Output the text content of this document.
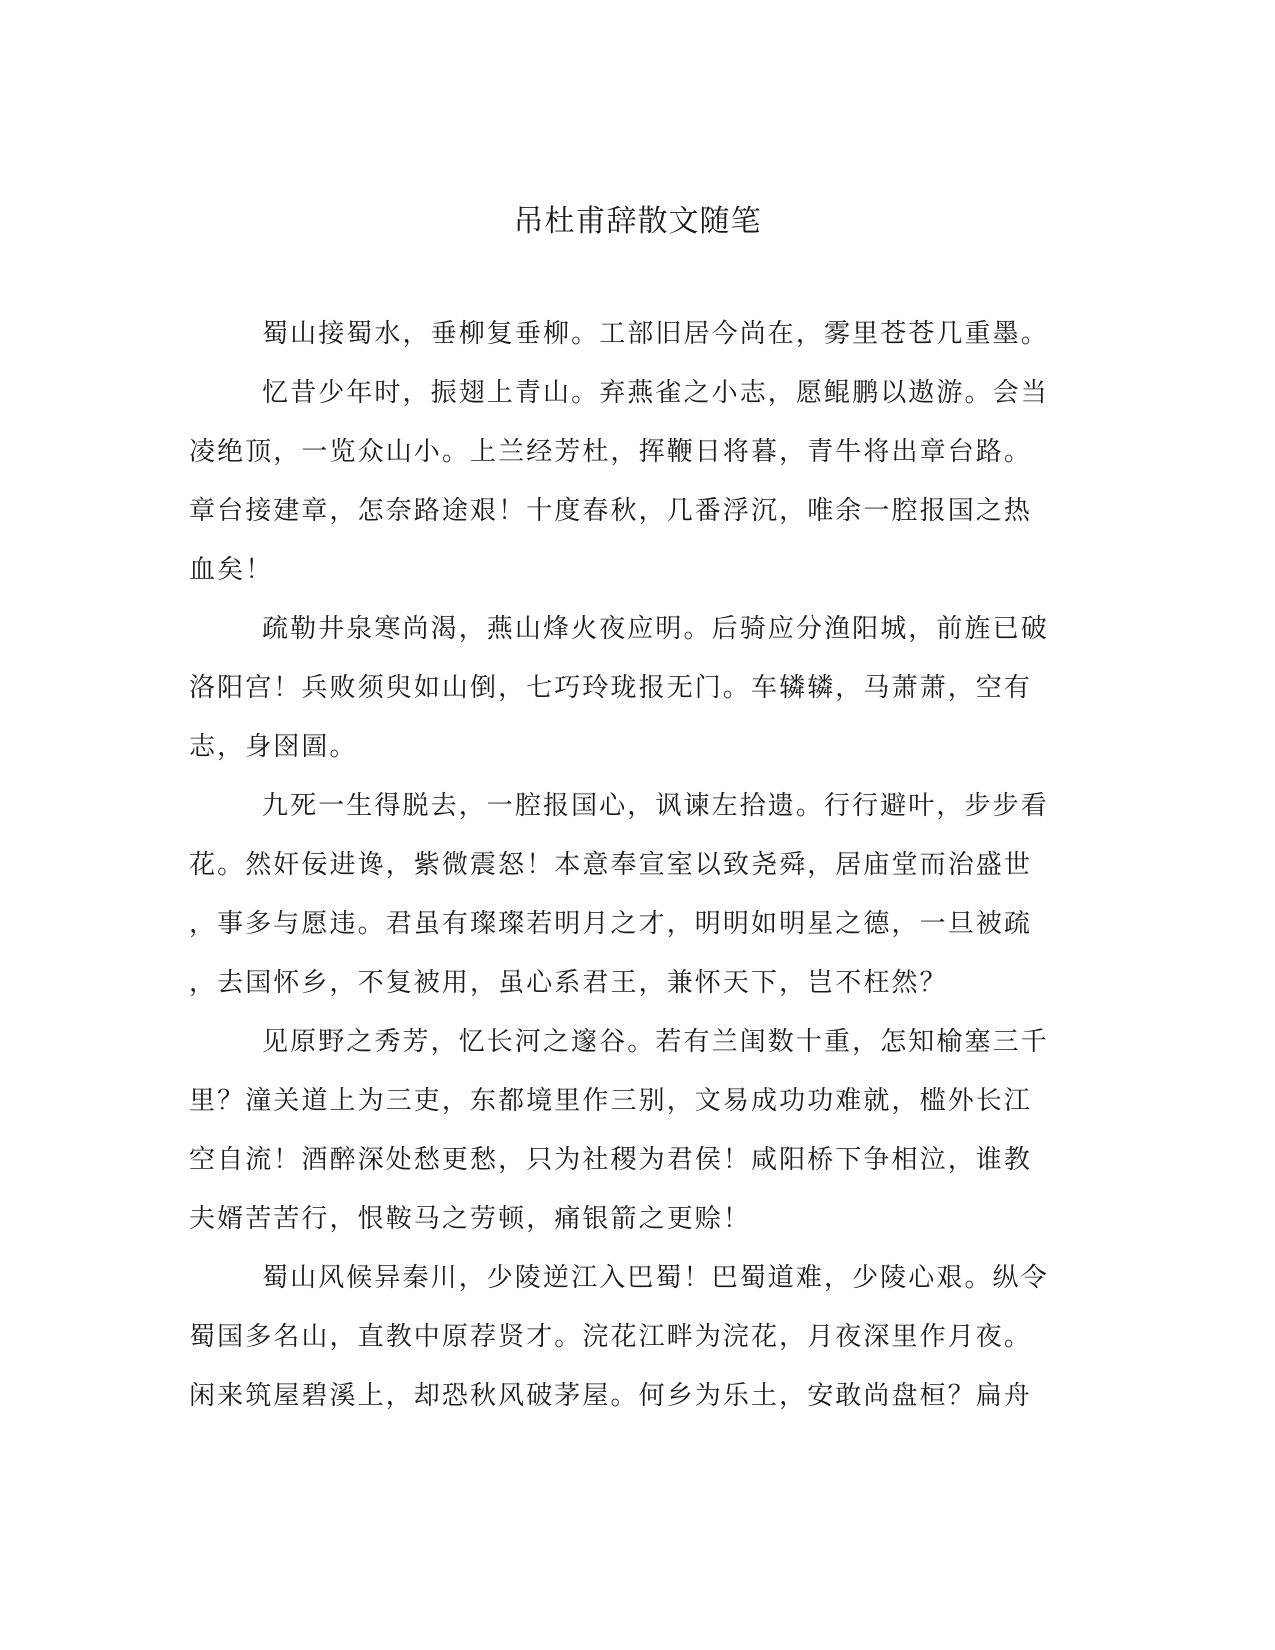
吊杜甫辞散文随笔

蜀山接蜀水，垂柳复垂柳。工部旧居今尚在，雾里苍苍几重墨。

忆昔少年时，振翅上青山。弃燕雀之小志，愿鲲鹏以遨游。会当

凌绝顶，一览众山小。上兰经芳杜，挥鞭日将暮，青牛将出章台路。

章台接建章，怎奈路途艰！十度春秋，几番浮沉，唯余一腔报国之热

血矣！

疏勒井泉寒尚渴，燕山烽火夜应明。后骑应分渔阳城，前旌已破

洛阳宫！兵败须臾如山倒，七巧玲珑报无门。车辚辚，马萧萧，空有

志，身囹圄。

九死一生得脱去，一腔报国心，讽谏左拾遗。行行避叶，步步看

花。然奸佞进谗，紫微震怒！本意奉宣室以致尧舜，居庙堂而治盛世

，事多与愿违。君虽有璨璨若明月之才，明明如明星之德，一旦被疏

，去国怀乡，不复被用，虽心系君王，兼怀天下，岂不枉然？

见原野之秀芳，忆长河之邃谷。若有兰闺数十重，怎知榆塞三千

里？潼关道上为三吏，东都境里作三别，文易成功功难就，槛外长江

空自流！酒醉深处愁更愁，只为社稷为君侯！咸阳桥下争相泣，谁教

夫婿苦苦行，恨鞍马之劳顿，痛银箭之更赊！

蜀山风候异秦川，少陵逆江入巴蜀！巴蜀道难，少陵心艰。纵令

蜀国多名山，直教中原荐贤才。浣花江畔为浣花，月夜深里作月夜。

闲来筑屋碧溪上，却恐秋风破茅屋。何乡为乐土，安敢尚盘桓？扁舟
